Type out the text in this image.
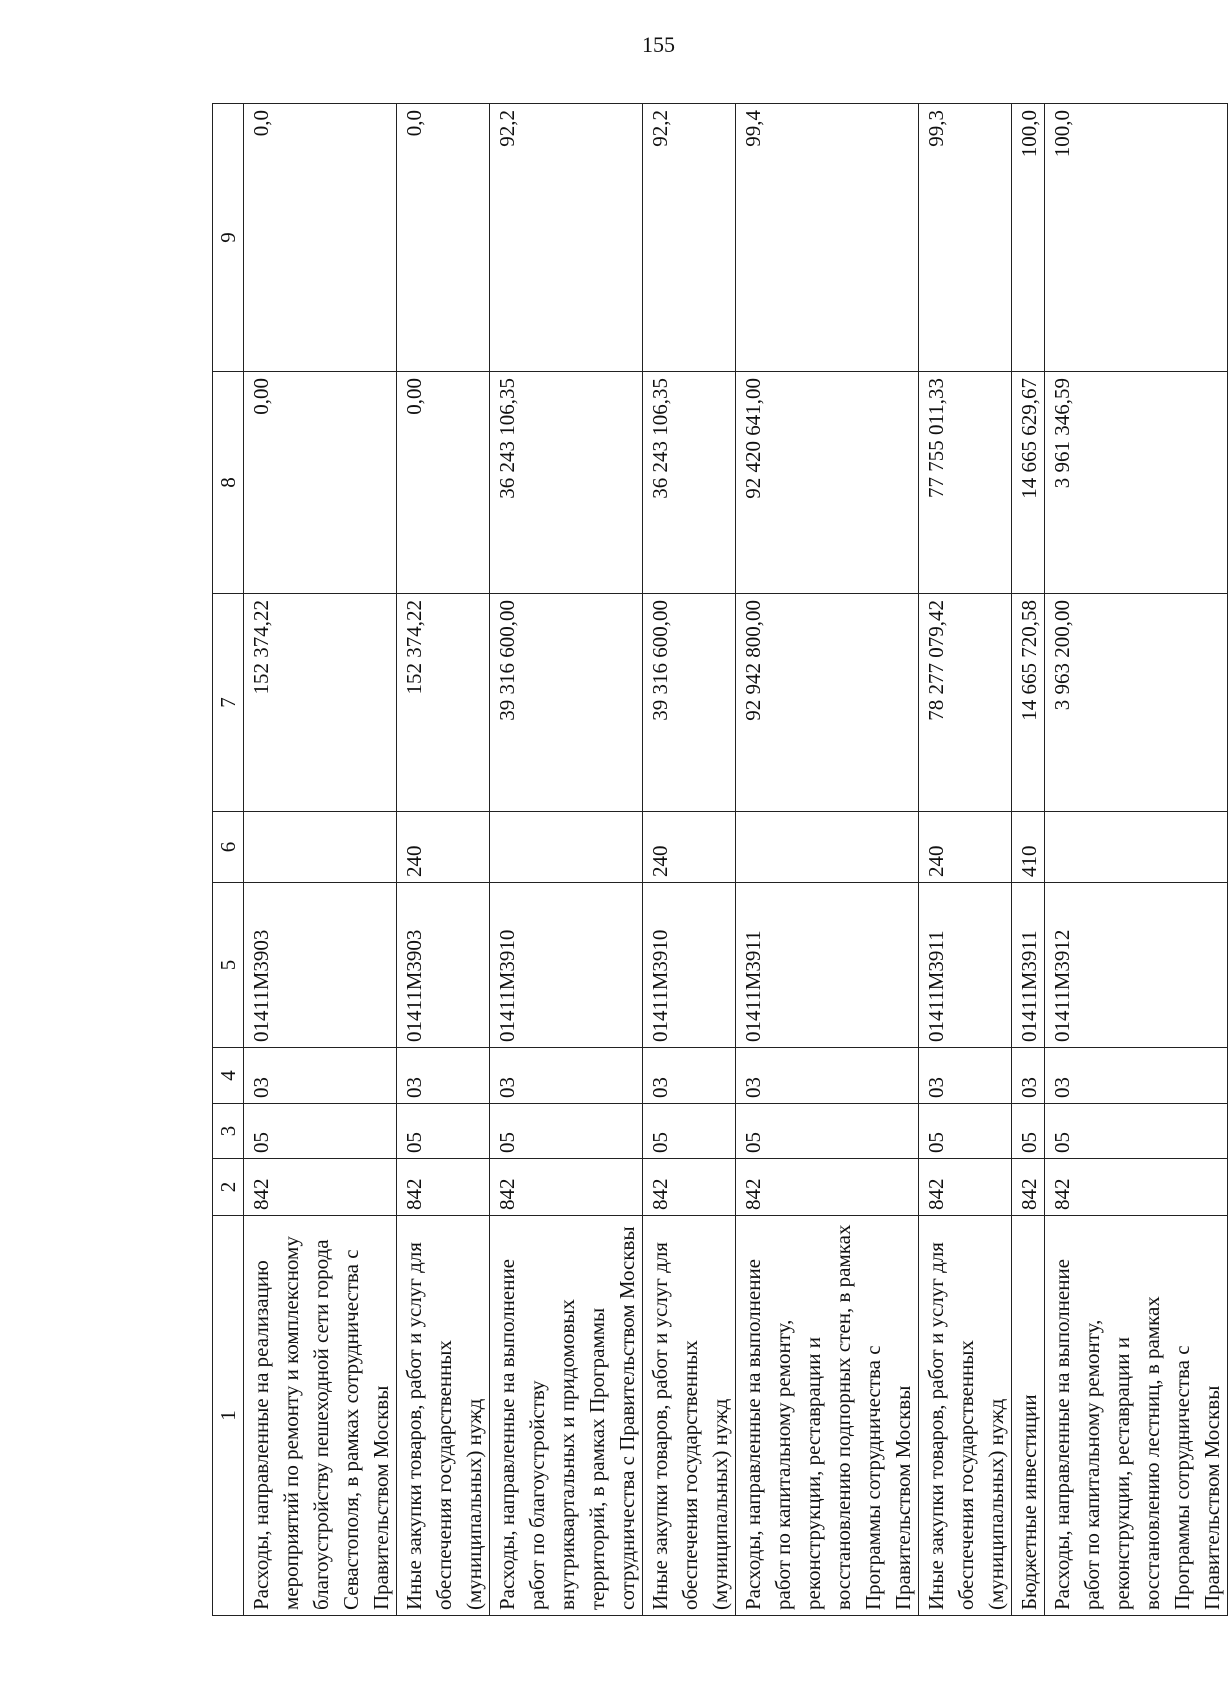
155
1	2	3	4	5	6	7	8	9
Расходы, направленные на реализацию мероприятий по ремонту и комплексному благоустройству пешеходной сети города Севастополя, в рамках сотрудничества с Правительством Москвы	842	05	03	01411М3903		152 374,22	0,00	0,0
Иные закупки товаров, работ и услуг для обеспечения государственных (муниципальных) нужд	842	05	03	01411М3903	240	152 374,22	0,00	0,0
Расходы, направленные на выполнение работ по благоустройству внутриквартальных и придомовых территорий, в рамках Программы сотрудничества с Правительством Москвы	842	05	03	01411М3910		39 316 600,00	36 243 106,35	92,2
Иные закупки товаров, работ и услуг для обеспечения государственных (муниципальных) нужд	842	05	03	01411М3910	240	39 316 600,00	36 243 106,35	92,2
Расходы, направленные на выполнение работ по капитальному ремонту, реконструкции, реставрации и восстановлению подпорных стен, в рамках Программы сотрудничества с Правительством Москвы	842	05	03	01411М3911		92 942 800,00	92 420 641,00	99,4
Иные закупки товаров, работ и услуг для обеспечения государственных (муниципальных) нужд	842	05	03	01411М3911	240	78 277 079,42	77 755 011,33	99,3
Бюджетные инвестиции	842	05	03	01411М3911	410	14 665 720,58	14 665 629,67	100,0
Расходы, направленные на выполнение работ по капитальному ремонту, реконструкции, реставрации и восстановлению лестниц, в рамках Программы сотрудничества с Правительством Москвы	842	05	03	01411М3912		3 963 200,00	3 961 346,59	100,0
